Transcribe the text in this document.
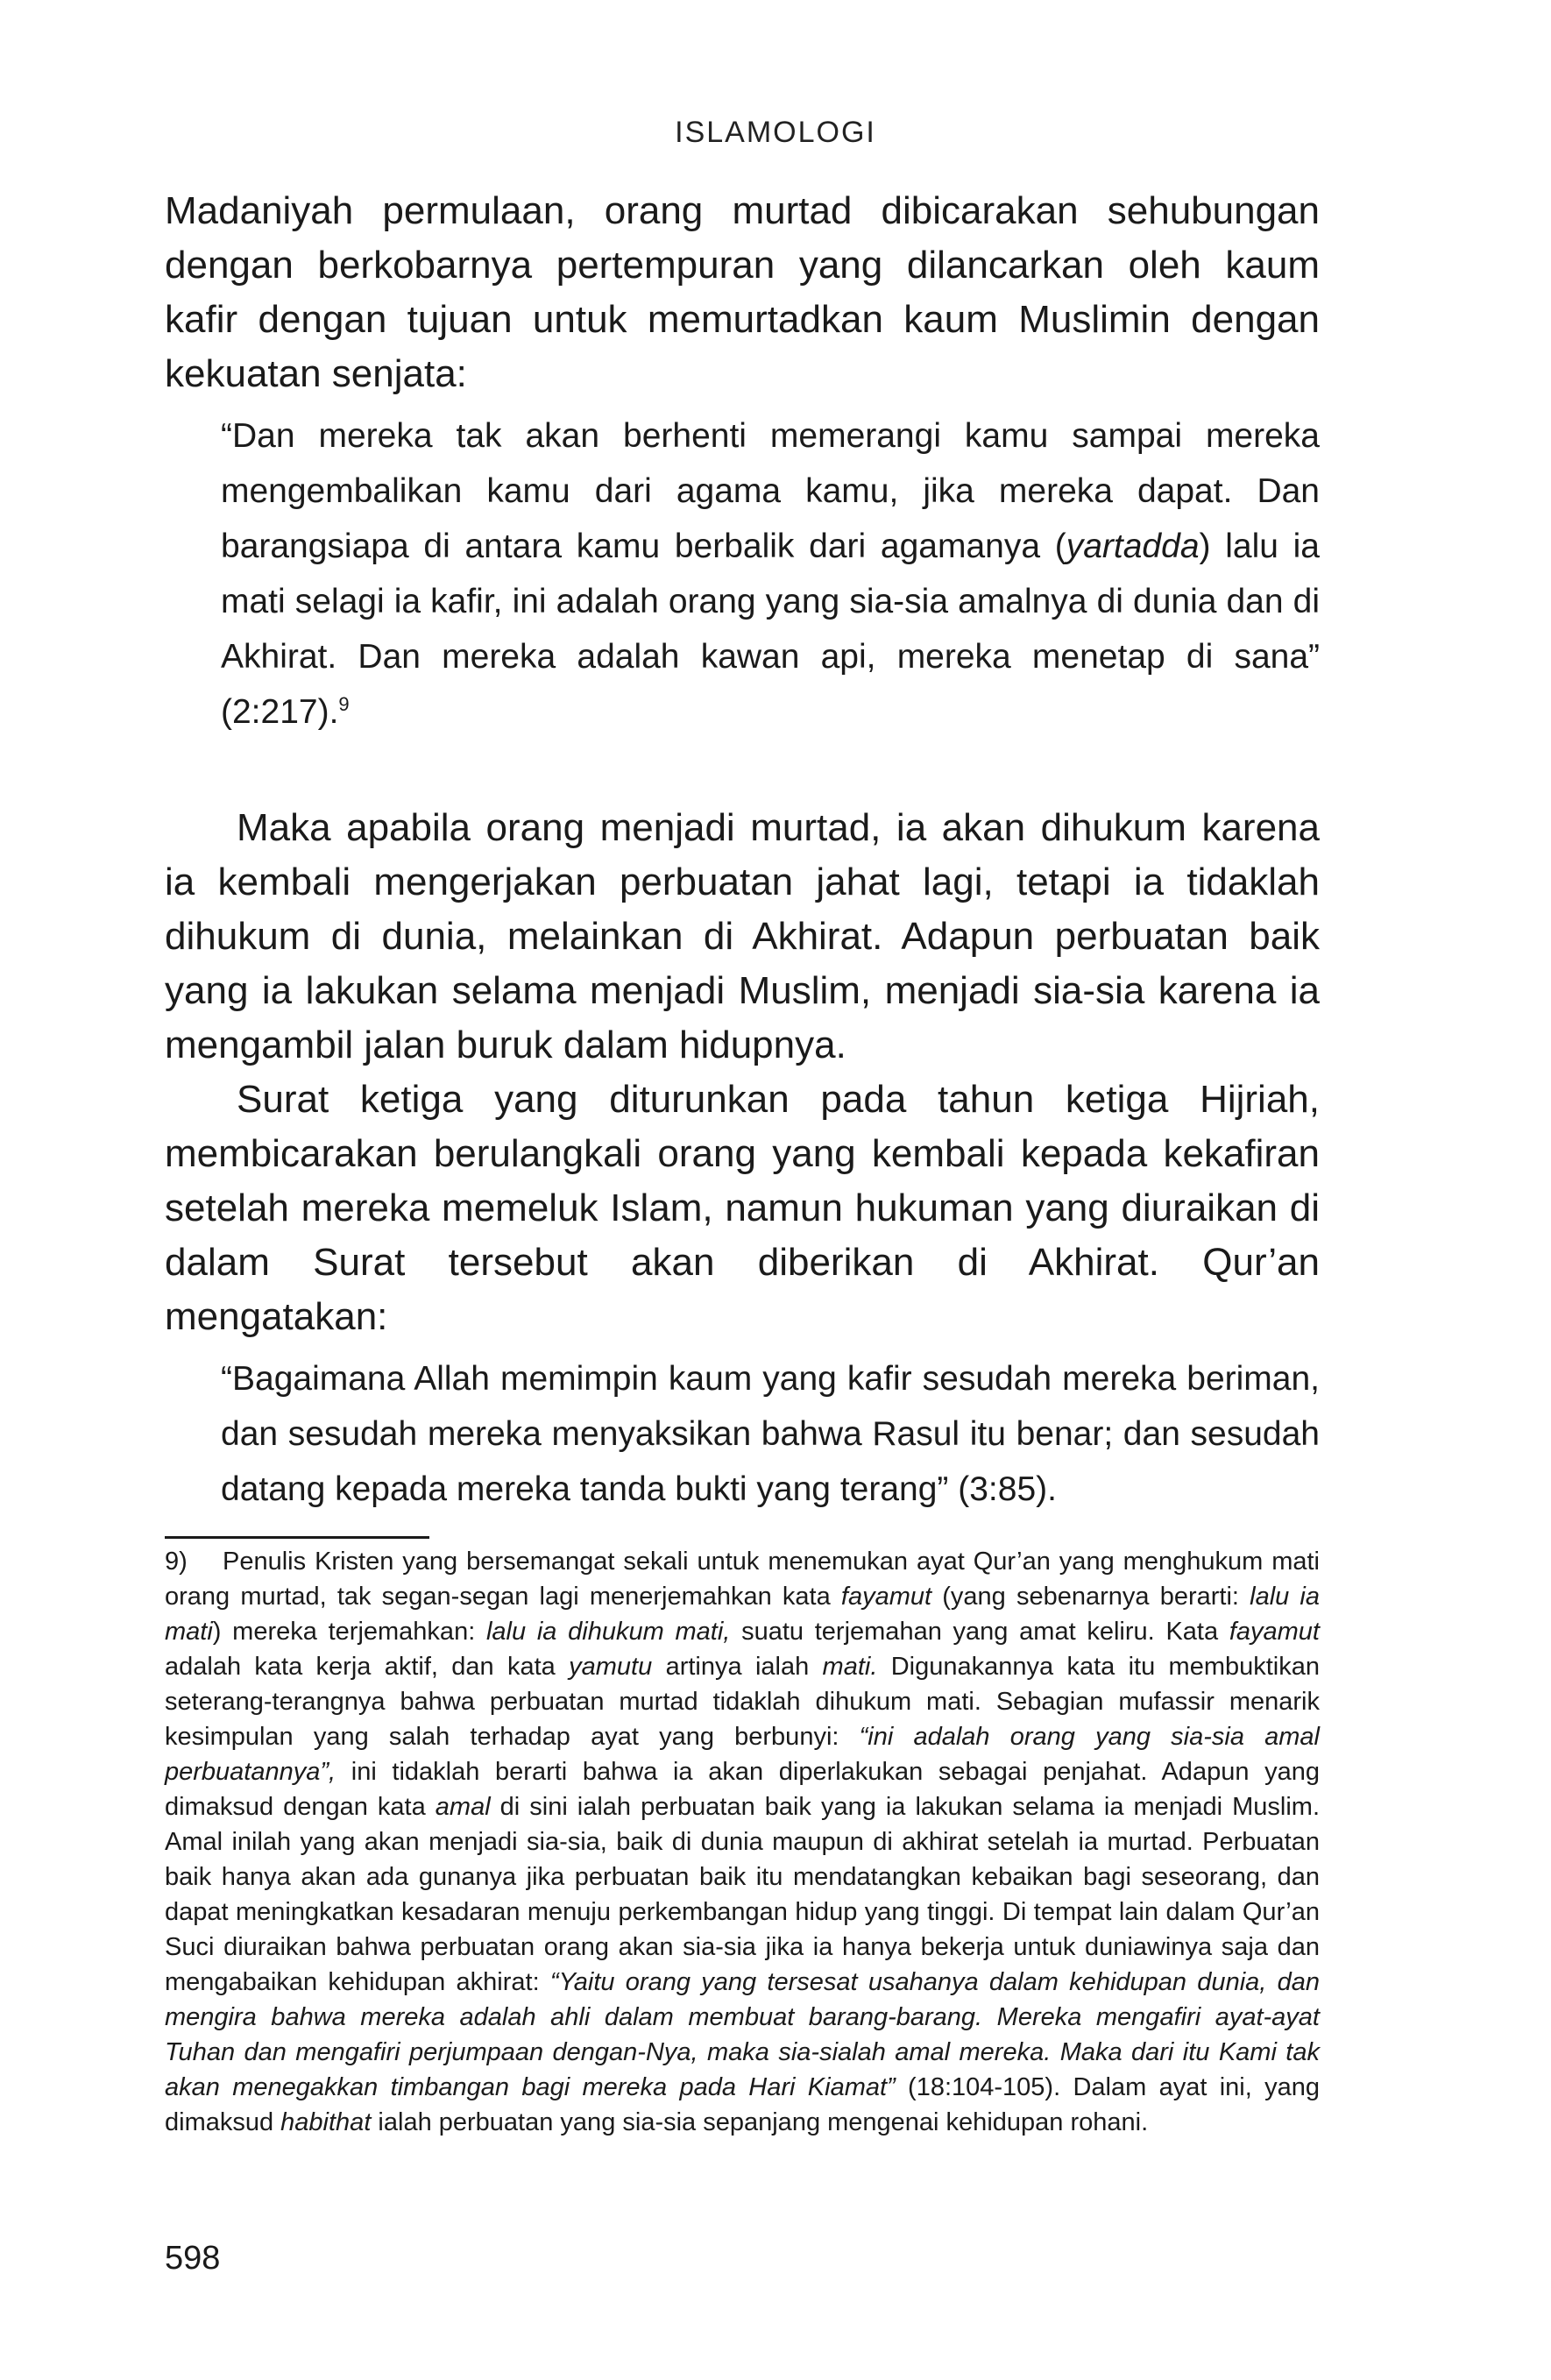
ISLAMOLOGI

Madaniyah permulaan, orang murtad dibicarakan sehubungan dengan berkobarnya pertempuran yang dilancarkan oleh kaum kafir dengan tujuan untuk memurtadkan kaum Muslimin dengan kekuatan senjata:

“Dan mereka tak akan berhenti memerangi kamu sampai mereka mengembalikan kamu dari agama kamu, jika mereka dapat. Dan barangsiapa di antara kamu berbalik dari agamanya (yartadda) lalu ia mati selagi ia kafir, ini adalah orang yang sia-sia amalnya di dunia dan di Akhirat. Dan mereka adalah kawan api, mereka menetap di sana” (2:217).$^9$

Maka apabila orang menjadi murtad, ia akan dihukum karena ia kembali mengerjakan perbuatan jahat lagi, tetapi ia tidaklah dihukum di dunia, melainkan di Akhirat. Adapun perbuatan baik yang ia lakukan selama menjadi Muslim, menjadi sia-sia karena ia mengambil jalan buruk dalam hidupnya.

Surat ketiga yang diturunkan pada tahun ketiga Hijriah, membicarakan berulangkali orang yang kembali kepada kekafiran setelah mereka memeluk Islam, namun hukuman yang diuraikan di dalam Surat tersebut akan diberikan di Akhirat. Qur’an mengatakan:

“Bagaimana Allah memimpin kaum yang kafir sesudah mereka beriman, dan sesudah mereka menyaksikan bahwa Rasul itu benar; dan sesudah datang kepada mereka tanda bukti yang terang” (3:85).

9) Penulis Kristen yang bersemangat sekali untuk menemukan ayat Qur’an yang menghukum mati orang murtad, tak segan-segan lagi menerjemahkan kata fayamut (yang sebenarnya berarti: lalu ia mati) mereka terjemahkan: lalu ia dihukum mati, suatu terjemahan yang amat keliru. Kata fayamut adalah kata kerja aktif, dan kata yamutu artinya ialah mati. Digunakannya kata itu membuktikan seterang-terangnya bahwa perbuatan murtad tidaklah dihukum mati. Sebagian mufassir menarik kesimpulan yang salah terhadap ayat yang berbunyi: “ini adalah orang yang sia-sia amal perbuatannya”, ini tidaklah berarti bahwa ia akan diperlakukan sebagai penjahat. Adapun yang dimaksud dengan kata amal di sini ialah perbuatan baik yang ia lakukan selama ia menjadi Muslim. Amal inilah yang akan menjadi sia-sia, baik di dunia maupun di akhirat setelah ia murtad. Perbuatan baik hanya akan ada gunanya jika perbuatan baik itu mendatangkan kebaikan bagi seseorang, dan dapat meningkatkan kesadaran menuju perkembangan hidup yang tinggi. Di tempat lain dalam Qur’an Suci diuraikan bahwa perbuatan orang akan sia-sia jika ia hanya bekerja untuk duniawinya saja dan mengabaikan kehidupan akhirat: “Yaitu orang yang tersesat usahanya dalam kehidupan dunia, dan mengira bahwa mereka adalah ahli dalam membuat barang-barang. Mereka mengafiri ayat-ayat Tuhan dan mengafiri perjumpaan dengan-Nya, maka sia-sialah amal mereka. Maka dari itu Kami tak akan menegakkan timbangan bagi mereka pada Hari Kiamat” (18:104-105). Dalam ayat ini, yang dimaksud habithat ialah perbuatan yang sia-sia sepanjang mengenai kehidupan rohani.

598
